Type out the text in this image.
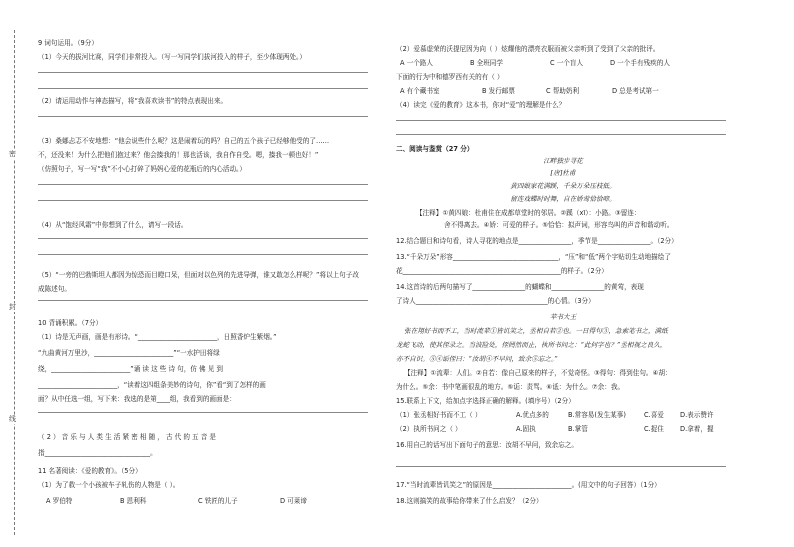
密
封
线
9 词句运用。（9分）
（1）今天的拔河比赛，同学们非常投入。（写一写同学们拔河投入的样子，至少体现两处。）
（2）请运用动作与神态描写，将“我喜欢读书”的特点表现出来。
（3）桑娜忐忑不安地想：“他会说些什么呢？这是闹着玩的吗？自己的五个孩子已经够他受的了……
不，还没来！为什么把他们抱过来？他会揍我的！那也活该，我自作自受。嗯，揍我一顿也好！”
（仿照句子，写一写“我”不小心打碎了妈妈心爱的花瓶后的内心活动。）
（4）从“饱经风霜”中你想到了什么，请写一段话。
（5）“一旁的巴勃斯坦人都因为惊恐而目瞪口呆，但面对以色列的先进导弹，谁又敢怎么样呢？”将以上句子改
成陈述句。
10 背诵积累。（7分）
（1）诗是无声画，画是有形诗。“________________________，日照香炉生紫烟。”
“九曲黄河万里沙，________________________”“一水护田将绿
绕，________________________”诵 读 这 些 诗 句，仿 佛 见 到
________________________，“读着这四组条美妙的诗句，你”看“到了怎样的画
面？从中任选一组，写下来：我选的是第____组，我看到的画面是：
（ 2 ） 音 乐 与 人 类 生 活 紧 密 相 随 ， 古 代 的 五 音 是
指________________________________。
11 名著阅读：《爱的教育》。（5分）
（1）为了救一个小孩被车子轧伤的人物是（ ）。
A 罗伯特	B 恩利科	C 铁匠的儿子	D 可莱谛
（2）爱慕虚荣的沃提尼因为向（ ）炫耀他的漂亮衣服而被父亲听到了受到了父亲的批评。
A 一个路人	B 全班同学	C 一个盲人	D 一个手有残疾的人
下面的行为中和德罗西有关的有（ ）
A 有个藏书室	B 发行邮票	C 帮助奶利	D 总是考试第一
（4）读完《爱的教育》这本书，你对“爱”的理解是什么？
二、阅读与鉴赏（27 分）
江畔独步寻花
[唐]杜甫
黄四娘家花满蹊，千朵万朵压枝低。
留连戏蝶时时舞，自在娇莺恰恰啼。
【注释】①黄四娘：杜甫住在成都草堂时的邻居。②蹊（xī）：小路。③留连：
舍不得离去。④娇：可爱的样子。⑤恰恰：拟声词，形容鸟叫的声音和谐动听。
12.结合题目和诗句看，诗人寻花的地点是________________，季节是________________。（2分）
13.“千朵万朵”形容________________________________，“压”和“低”两个字贴切生动地描绘了
花________________________________________________的样子。（2分）
14.这首诗的后两句描写了________________的蝴蝶和________________的黄莺，表现
了诗人________________________________________的心情。（3分）
苹书大王
张在翔好书而不工，当时流辈①皆讥笑之，丞相自若②也。一日得句③，急索笔书之，满纸
龙蛇飞动，使其侄录之。当波险处，侄罔然而止，执所书问之：“此何字也？”丞相视之良久，
亦不自识。⑤④诟侄曰：“汝胡④不早问，致余⑤忘之。”
【注释】①流辈：人们。②自若：像自己原来的样子，不觉奇怪。③得句：得到佳句。④胡：
为什么。⑤余：书中笔画很乱的地方。⑤诟：责骂。⑥诋：为什么。⑦余：我。
15.联系上下文，给加点字选择正确的解释。(填序号）（2分）
（1）张丞相好书而不工（ ）	A.优点多的	B.常容易(发生某事)	C.喜爱 D.表示赞许
（2）执所书问之（ ）	A.固执	B.掌管	C.捉住 D.拿着，握
16.用自己的话写出下面句子的意思：汝胡不早问，致余忘之。
17.“当时流辈皆讥笑之”的原因是________________________。(用文中的句子回答）（1分）
18.这则搞笑的故事给你带来了什么启发？（2分）
